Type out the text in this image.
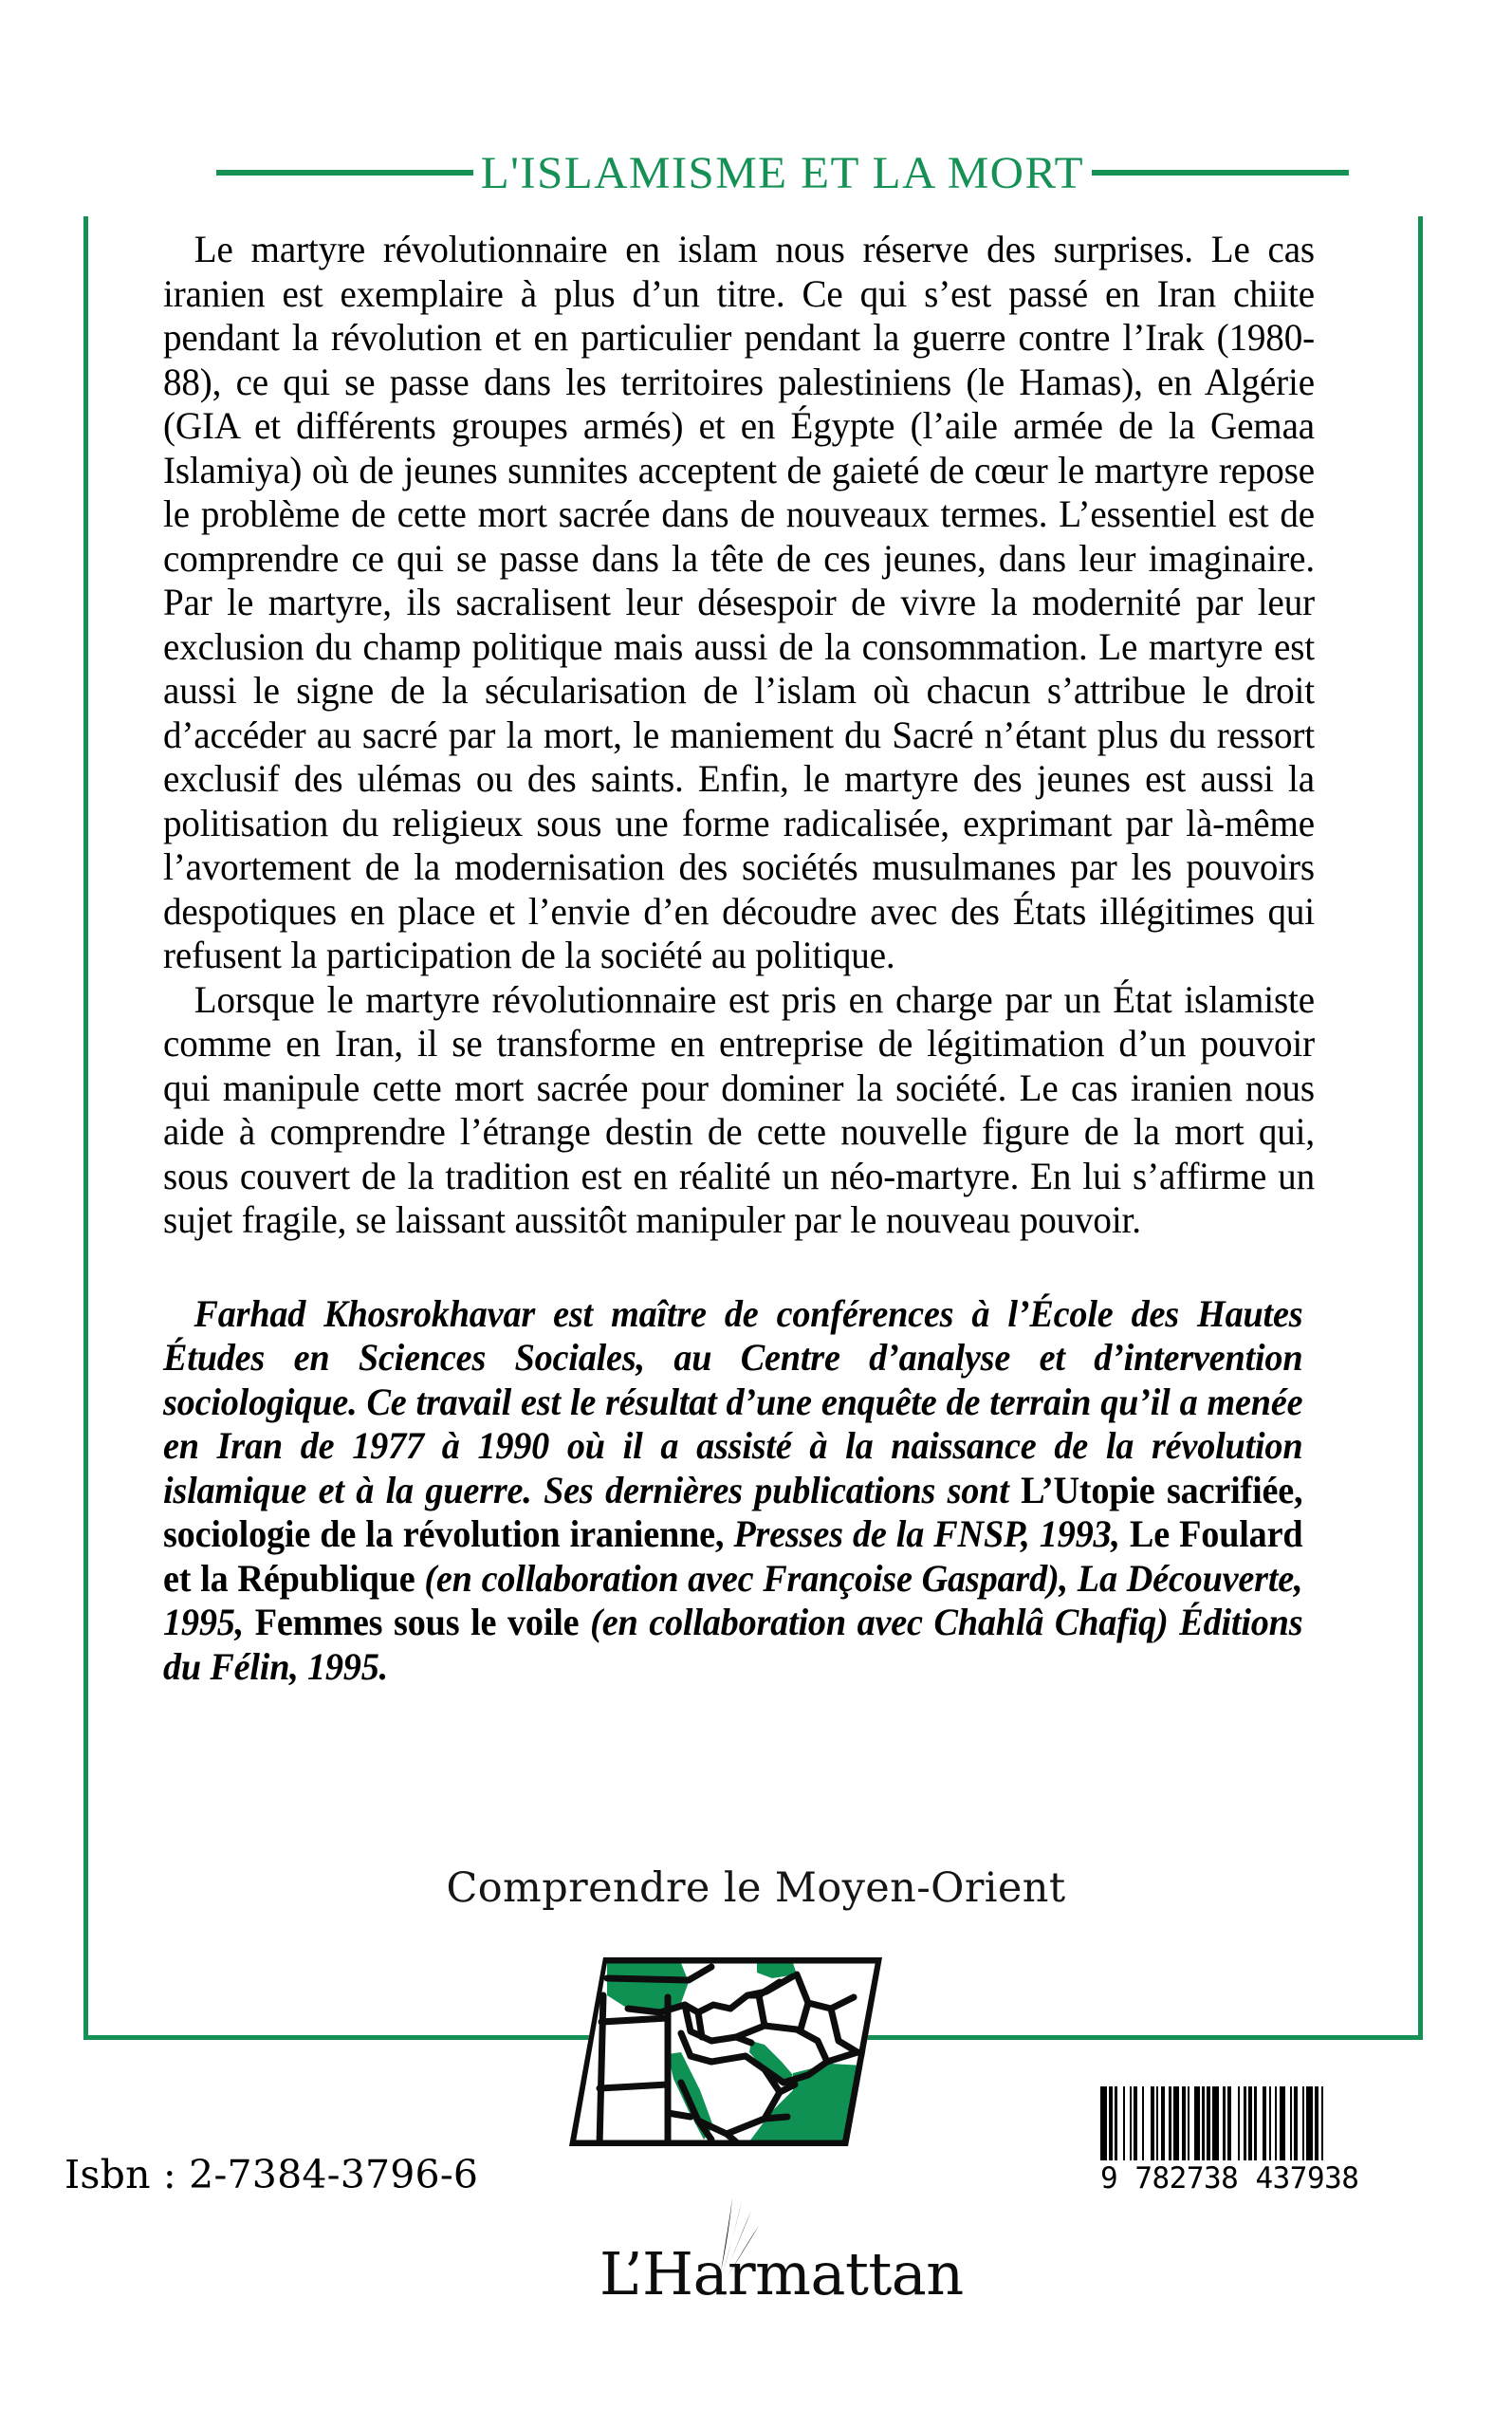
L'ISLAMISME ET LA MORT

Le martyre révolutionnaire en islam nous réserve des surprises. Le cas iranien est exemplaire à plus d’un titre. Ce qui s’est passé en Iran chiite pendant la révolution et en particulier pendant la guerre contre l’Irak (1980-88), ce qui se passe dans les territoires palestiniens (le Hamas), en Algérie (GIA et différents groupes armés) et en Égypte (l’aile armée de la Gemaa Islamiya) où de jeunes sunnites acceptent de gaieté de cœur le martyre repose le problème de cette mort sacrée dans de nouveaux termes. L’essentiel est de comprendre ce qui se passe dans la tête de ces jeunes, dans leur imaginaire. Par le martyre, ils sacralisent leur désespoir de vivre la modernité par leur exclusion du champ politique mais aussi de la consommation. Le martyre est aussi le signe de la sécularisation de l’islam où chacun s’attribue le droit d’accéder au sacré par la mort, le maniement du Sacré n’étant plus du ressort exclusif des ulémas ou des saints. Enfin, le martyre des jeunes est aussi la politisation du religieux sous une forme radicalisée, exprimant par là-même l’avortement de la modernisation des sociétés musulmanes par les pouvoirs despotiques en place et l’envie d’en découdre avec des États illégitimes qui refusent la participation de la société au politique.

Lorsque le martyre révolutionnaire est pris en charge par un État islamiste comme en Iran, il se transforme en entreprise de légitimation d’un pouvoir qui manipule cette mort sacrée pour dominer la société. Le cas iranien nous aide à comprendre l’étrange destin de cette nouvelle figure de la mort qui, sous couvert de la tradition est en réalité un néo-martyre. En lui s’affirme un sujet fragile, se laissant aussitôt manipuler par le nouveau pouvoir.

Farhad Khosrokhavar est maître de conférences à l’École des Hautes Études en Sciences Sociales, au Centre d’analyse et d’intervention sociologique. Ce travail est le résultat d’une enquête de terrain qu’il a menée en Iran de 1977 à 1990 où il a assisté à la naissance de la révolution islamique et à la guerre. Ses dernières publications sont L’Utopie sacrifiée, sociologie de la révolution iranienne, Presses de la FNSP, 1993, Le Foulard et la République (en collaboration avec Françoise Gaspard), La Découverte, 1995, Femmes sous le voile (en collaboration avec Chahlâ Chafiq) Éditions du Félin, 1995.

Comprendre le Moyen-Orient
Isbn : 2-7384-3796-6	9 782738 437938
L’Harmattan
